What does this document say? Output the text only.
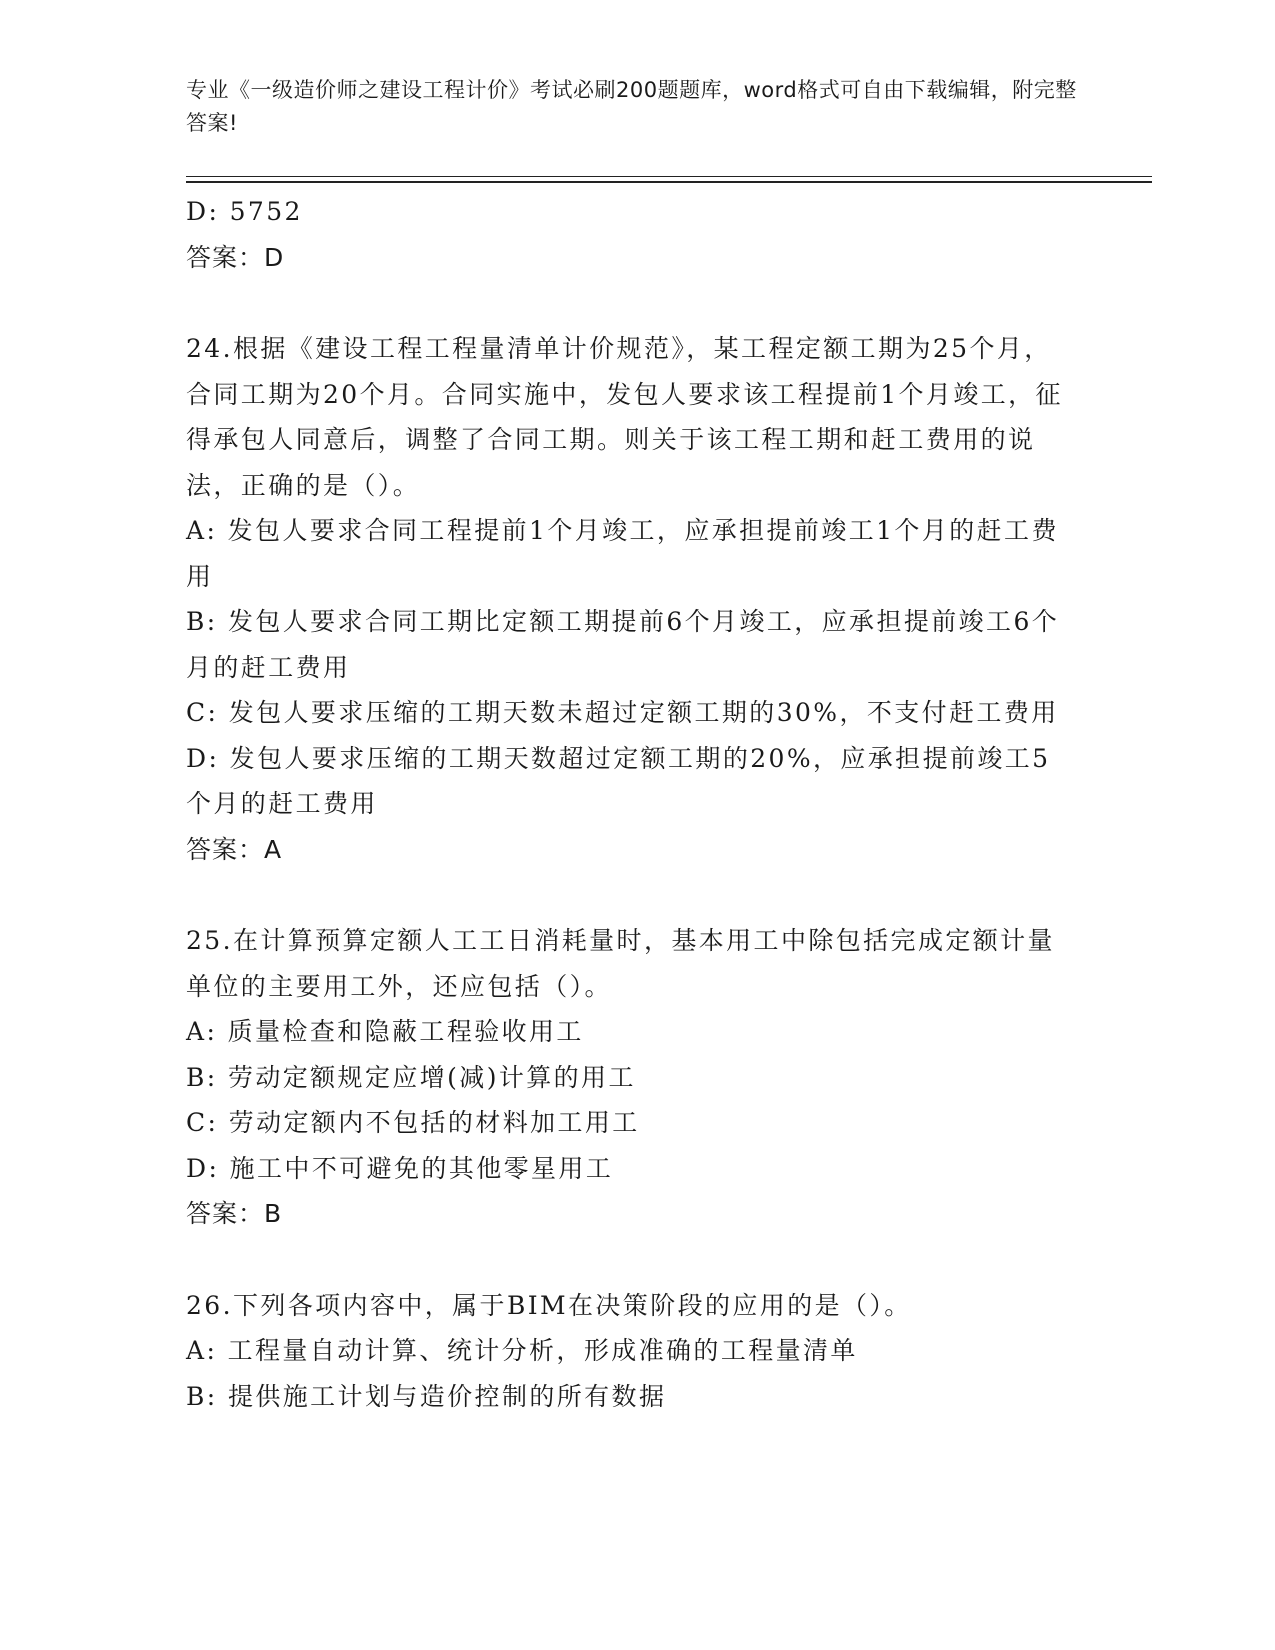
专业《一级造价师之建设工程计价》考试必刷200题题库，word格式可自由下载编辑，附完整答案!

D: 5752

答案：D

24.根据《建设工程工程量清单计价规范》，某工程定额工期为25个月，合同工期为20个月。合同实施中，发包人要求该工程提前1个月竣工，征得承包人同意后，调整了合同工期。则关于该工程工期和赶工费用的说法，正确的是（）。

A: 发包人要求合同工程提前1个月竣工，应承担提前竣工1个月的赶工费用

B: 发包人要求合同工期比定额工期提前6个月竣工，应承担提前竣工6个月的赶工费用

C: 发包人要求压缩的工期天数未超过定额工期的30%，不支付赶工费用

D: 发包人要求压缩的工期天数超过定额工期的20%，应承担提前竣工5个月的赶工费用

答案：A

25.在计算预算定额人工工日消耗量时，基本用工中除包括完成定额计量单位的主要用工外，还应包括（）。

A: 质量检查和隐蔽工程验收用工

B: 劳动定额规定应增(减)计算的用工

C: 劳动定额内不包括的材料加工用工

D: 施工中不可避免的其他零星用工

答案：B

26.下列各项内容中，属于BIM在决策阶段的应用的是（）。

A: 工程量自动计算、统计分析，形成准确的工程量清单

B: 提供施工计划与造价控制的所有数据
